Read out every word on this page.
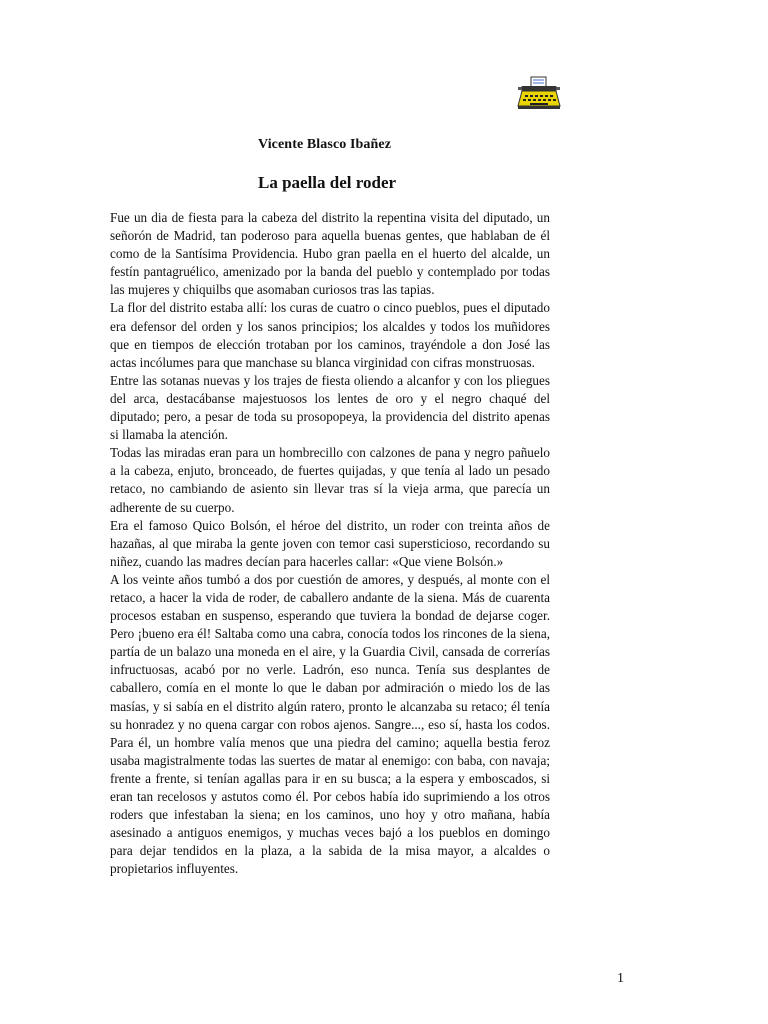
Vicente Blasco Ibañez
La paella del roder

Fue un dia de fiesta para la cabeza del distrito la repentina visita del diputado, un señorón de Madrid, tan poderoso para aquella buenas gentes, que hablaban de él como de la Santísima Providencia. Hubo gran paella en el huerto del alcalde, un festín pantagruélico, amenizado por la banda del pueblo y contemplado por todas las mujeres y chiquilbs que asomaban curiosos tras las tapias.

La flor del distrito estaba allí: los curas de cuatro o cinco pueblos, pues el diputado era defensor del orden y los sanos principios; los alcaldes y todos los muñidores que en tiempos de elección trotaban por los caminos, trayéndole a don José las actas incólumes para que manchase su blanca virginidad con cifras monstruosas.

Entre las sotanas nuevas y los trajes de fiesta oliendo a alcanfor y con los pliegues del arca, destacábanse majestuosos los lentes de oro y el negro chaqué del diputado; pero, a pesar de toda su prosopopeya, la providencia del distrito apenas si llamaba la atención.

Todas las miradas eran para un hombrecillo con calzones de pana y negro pañuelo a la cabeza, enjuto, bronceado, de fuertes quijadas, y que tenía al lado un pesado retaco, no cambiando de asiento sin llevar tras sí la vieja arma, que parecía un adherente de su cuerpo.

Era el famoso Quico Bolsón, el héroe del distrito, un roder con treinta años de hazañas, al que miraba la gente joven con temor casi supersticioso, recordando su niñez, cuando las madres decían para hacerles callar: «Que viene Bolsón.»

A los veinte años tumbó a dos por cuestión de amores, y después, al monte con el retaco, a hacer la vida de roder, de caballero andante de la siena. Más de cuarenta procesos estaban en suspenso, esperando que tuviera la bondad de dejarse coger. Pero ¡bueno era él! Saltaba como una cabra, conocía todos los rincones de la siena, partía de un balazo una moneda en el aire, y la Guardia Civil, cansada de correrías infructuosas, acabó por no verle. Ladrón, eso nunca. Tenía sus desplantes de caballero, comía en el monte lo que le daban por admiración o miedo los de las masías, y si sabía en el distrito algún ratero, pronto le alcanzaba su retaco; él tenía su honradez y no quena cargar con robos ajenos. Sangre..., eso sí, hasta los codos. Para él, un hombre valía menos que una piedra del camino; aquella bestia feroz usaba magistralmente todas las suertes de matar al enemigo: con baba, con navaja; frente a frente, si tenían agallas para ir en su busca; a la espera y emboscados, si eran tan recelosos y astutos como él. Por cebos había ido suprimiendo a los otros roders que infestaban la siena; en los caminos, uno hoy y otro mañana, había asesinado a antiguos enemigos, y muchas veces bajó a los pueblos en domingo para dejar tendidos en la plaza, a la sabida de la misa mayor, a alcaldes o propietarios influyentes.

1
